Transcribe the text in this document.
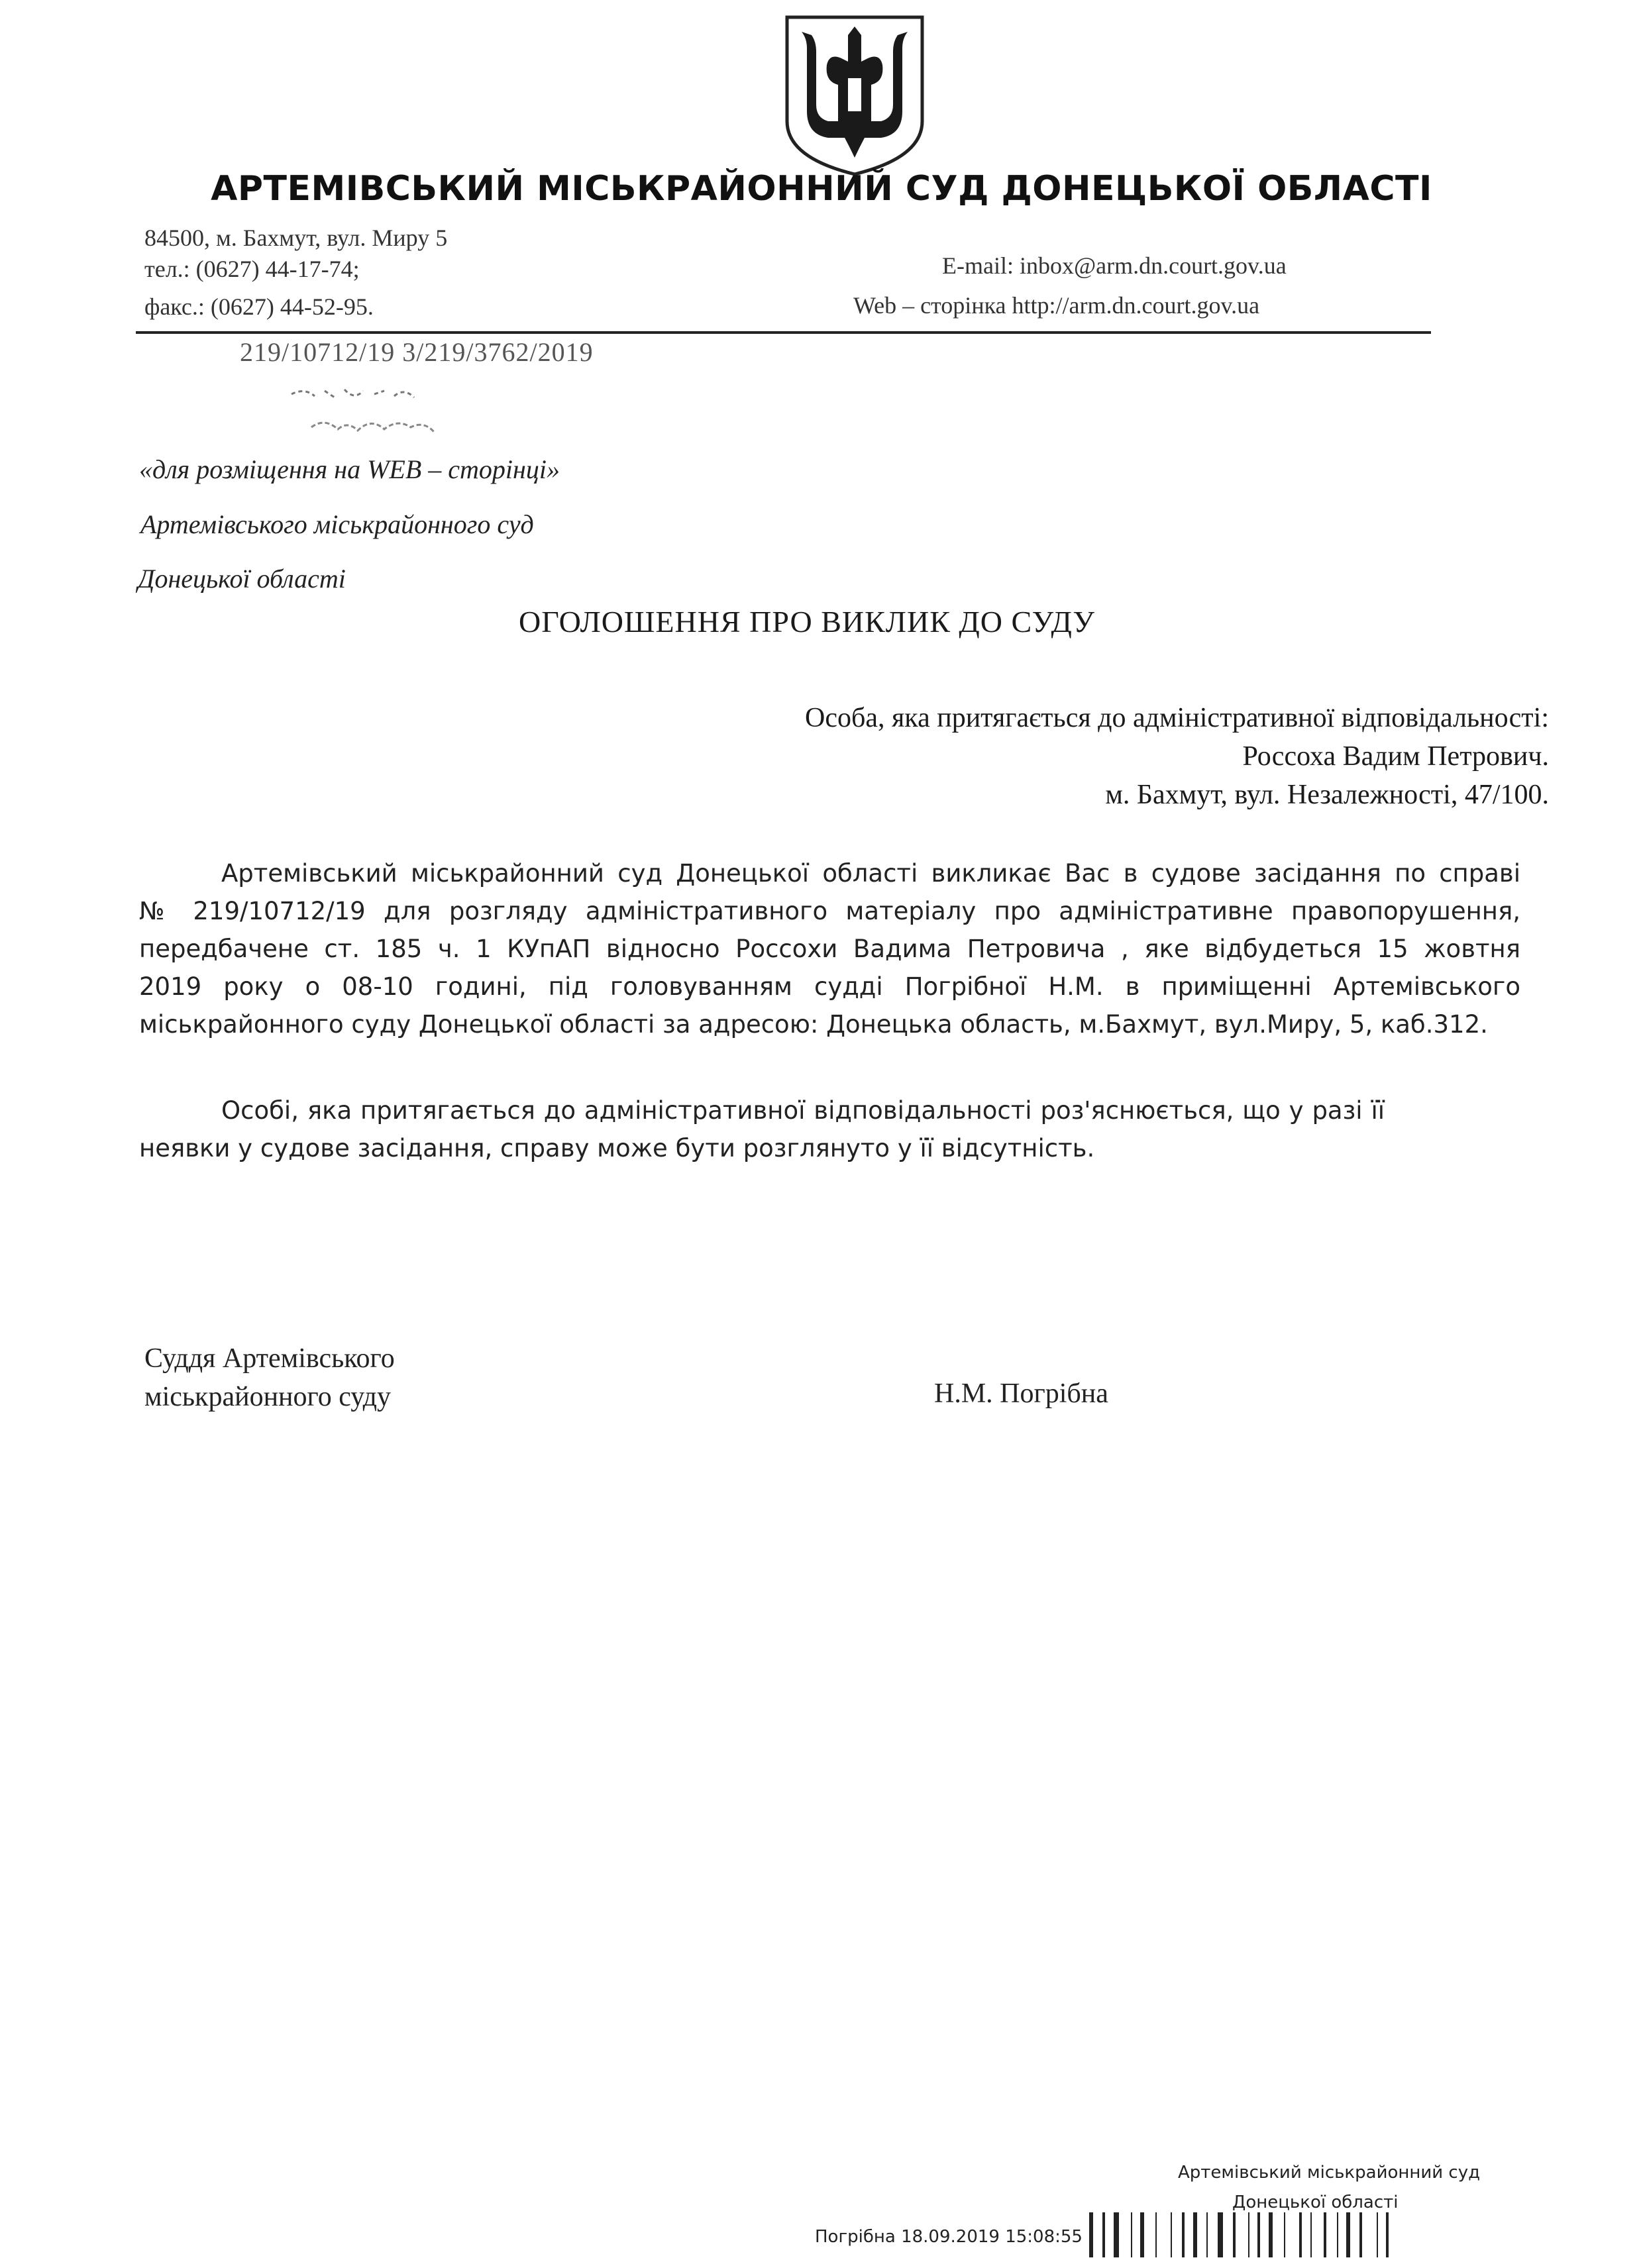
АРТЕМІВСЬКИЙ МІСЬКРАЙОННИЙ СУД ДОНЕЦЬКОЇ ОБЛАСТІ
84500, м. Бахмут, вул. Миру 5
тел.: (0627) 44-17-74;
факс.: (0627) 44-52-95.
E-mail: inbox@arm.dn.court.gov.ua
Web – сторінка http://arm.dn.court.gov.ua
219/10712/19 3/219/3762/2019
«для розміщення на WEB – сторінці»
Артемівського міськрайонного суд
Донецької області
ОГОЛОШЕННЯ ПРО ВИКЛИК ДО СУДУ
Особа, яка притягається до адміністративної відповідальності:
Россоха Вадим Петрович.
м. Бахмут, вул. Незалежності, 47/100.
Артемівський міськрайонний суд Донецької області викликає Вас в судове засідання по справі
№ 219/10712/19 для розгляду адміністративного матеріалу про адміністративне правопорушення,
передбачене ст. 185 ч. 1 КУпАП відносно Россохи Вадима Петровича , яке відбудеться 15 жовтня
2019 року о 08-10 годині, під головуванням судді Погрібної Н.М. в приміщенні Артемівського
міськрайонного суду Донецької області за адресою: Донецька область, м.Бахмут, вул.Миру, 5, каб.312.
Особі, яка притягається до адміністративної відповідальності роз'яснюється, що у разі її
неявки у судове засідання, справу може бути розглянуто у її відсутність.
Суддя Артемівського
міськрайонного суду	Н.М. Погрібна
Артемівський міськрайонний суд
Донецької області
Погрібна 18.09.2019 15:08:55
